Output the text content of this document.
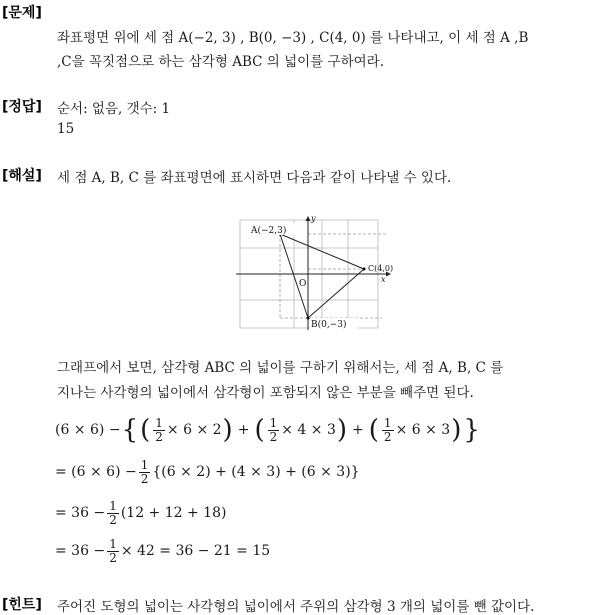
[문제]
[정답]
[해설]
[힌트]
좌표평면 위에 세 점 A(−2, 3) , B(0, −3) , C(4, 0) 를 나타내고, 이 세 점 A ,B
,C을 꼭짓점으로 하는 삼각형 ABC 의 넓이를 구하여라.
순서: 없음, 갯수: 1
15
세 점 A, B, C 를 좌표평면에 표시하면 다음과 같이 나타낼 수 있다.
A(−2,3)
B(0,−3)
C(4,0)
O	x
y
그래프에서 보면, 삼각형 ABC 의 넓이를 구하기 위해서는, 세 점 A, B, C 를
지나는 사각형의 넓이에서 삼각형이 포함되지 않은 부분을 빼주면 된다.
(6 × 6) − { ( $\frac{1}{2} \times 6 \times 2$ ) + ( $\frac{1}{2} \times 4 \times 3$ ) + ( $\frac{1}{2} \times 6 \times 3$ ) }
= $(6 \times 6) - \frac{1}{2} \{(6 \times 2) + (4 \times 3) + (6 \times 3)\}$
= $36 - \frac{1}{2} (12 + 12 + 18)$
= $36 - \frac{1}{2} \times 42 = 36 - 21 = 15$
주어진 도형의 넓이는 사각형의 넓이에서 주위의 삼각형 3 개의 넓이를 뺀 값이다.
